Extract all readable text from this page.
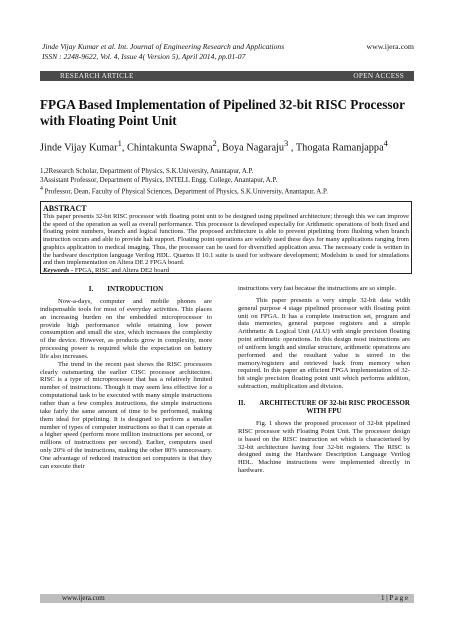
Jinde Vijay Kumar et al. Int. Journal of Engineering Research and Applications
ISSN : 2248-9622, Vol. 4, Issue 4( Version 5), April 2014, pp.01-07
www.ijera.com
RESEARCH ARTICLE	OPEN ACCESS
FPGA Based Implementation of Pipelined 32-bit RISC Processor with Floating Point Unit
Jinde Vijay Kumar$^1$, Chintakunta Swapna$^2$, Boya Nagaraju$^3$ , Thogata Ramanjappa$^4$
1,2Research Scholar, Department of Physics, S.K.University, Anantapur, A.P.
3Assistant Professor, Department of Physics, INTELL Engg. College, Anantapur, A.P.
$^4$ Professor, Dean, Faculty of Physical Sciences, Department of Physics, S.K.University, Anantapur, A.P.
ABSTRACT
This paper presents 32-bit RISC processor with floating point unit to be designed using pipelined architecture; through this we can improve the speed of the operation as well as overall performance. This processor is developed especially for Arithmetic operations of both fixed and floating point numbers, branch and logical functions. The proposed architecture is able to prevent pipelining from flushing when branch instruction occurs and able to provide halt support. Floating point operations are widely used these days for many applications ranging from graphics application to medical imaging. Thus, the processor can be used for diversified application area. The necessary code is written in the hardware description language Verilog HDL. Quartus II 10.1 suite is used for software development; Modelsim is used for simulations and then implementation on Altera DE 2 FPGA board.
Keywords - FPGA, RISC and Altera DE2 board
I. INTRODUCTION

Now-a-days, computer and mobile phones are indispensable tools for most of everyday activities. This places an increasing burden on the embedded microprocessor to provide high performance while retaining low power consumption and small die size, which increases the complexity of the device. However, as products grow in complexity, more processing power is required while the expectation on battery life also increases.

The trend in the recent past shows the RISC processors clearly outsmarting the earlier CISC processor architecture. RISC is a type of microprocessor that has a relatively limited number of instructions. Though it may seem less effective for a computational task to be executed with many simple instructions rather than a few complex instructions, the simple instructions take fairly the same amount of time to be performed, making them ideal for pipelining. It is designed to perform a smaller number of types of computer instructions so that it can operate at a higher speed (perform more million instructions per second, or millions of instructions per second). Earlier, computers used only 20% of the instructions, making the other 80% unnecessary. One advantage of reduced instruction set computers is that they can execute their

instructions very fast because the instructions are so simple.

This paper presents a very simple 32-bit data width general purpose 4 stage pipelined processor with floating point unit on FPGA. It has a complete instruction set, program and data memories, general purpose registers and a simple Arithmetic & Logical Unit (ALU) with single precision floating point arithmetic operations. In this design most instructions are of uniform length and similar structure, arithmetic operations are performed and the resultant value is stored in the memory/registers and retrieved back from memory when required. In this paper an efficient FPGA implementation of 32-bit single precision floating point unit which performs addition, subtraction, multiplication and division.

II. ARCHITECTURE OF 32-bit RISC PROCESSOR WITH FPU

Fig. 1 shows the proposed processor of 32-bit pipelined RISC processor with Floating Point Unit. The processor design is based on the RISC instruction set which is characterised by 32-bit architecture having four 32-bit registers. The RISC is designed using the Hardware Description Language Verilog HDL. Machine instructions were implemented directly in hardware.

www.ijera.com	1 | P a g e
